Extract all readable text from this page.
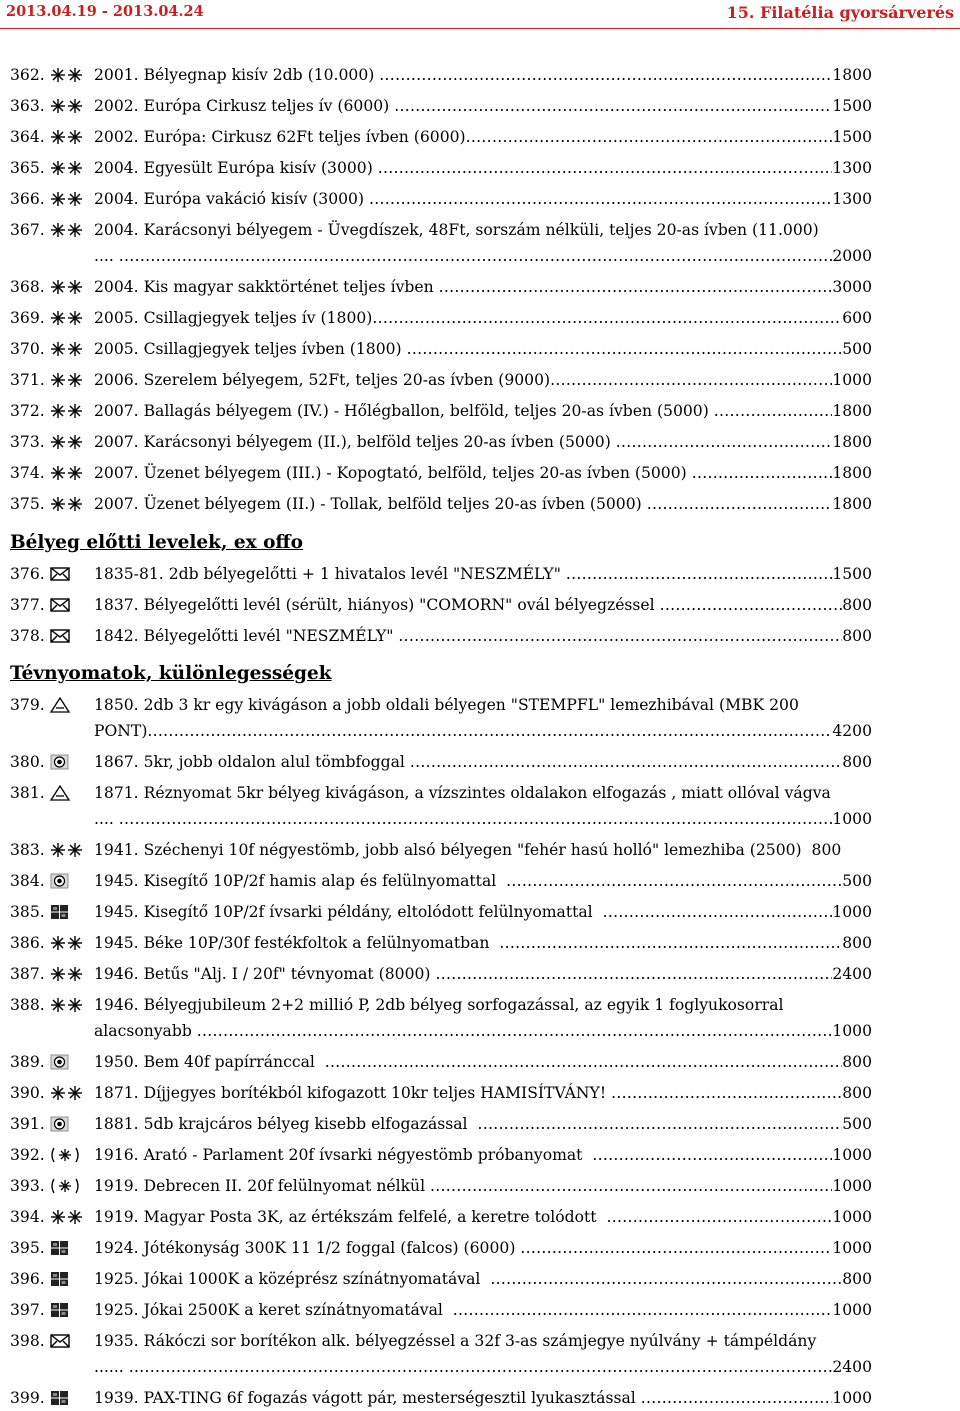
2013.04.19 - 2013.04.24	15. Filatélia gyorsárverés
362.	2001. Bélyegnap kisív 2db (10.000) .....	1800
363.	2002. Európa Cirkusz teljes ív (6000) .....	1500
364.	2002. Európa: Cirkusz 62Ft teljes ívben (6000) .....	1500
365.	2004. Egyesült Európa kisív (3000) .....	1300
366.	2004. Európa vakáció kisív (3000) .....	1300
367.	2004. Karácsonyi bélyegem - Üvegdíszek, 48Ft, sorszám nélküli, teljes 20-as ívben (11.000)
.... .....	2000
368.	2004. Kis magyar sakktörténet teljes ívben .....	3000
369.	2005. Csillagjegyek teljes ív (1800) .....	600
370.	2005. Csillagjegyek teljes ívben (1800) .....	500
371.	2006. Szerelem bélyegem, 52Ft, teljes 20-as ívben (9000) .....	1000
372.	2007. Ballagás bélyegem (IV.) - Hőlégballon, belföld, teljes 20-as ívben (5000) .....	1800
373.	2007. Karácsonyi bélyegem (II.), belföld teljes 20-as ívben (5000) .....	1800
374.	2007. Üzenet bélyegem (III.) - Kopogtató, belföld, teljes 20-as ívben (5000) .....	1800
375.	2007. Üzenet bélyegem (II.) - Tollak, belföld teljes 20-as ívben (5000) .....	1800
Bélyeg előtti levelek, ex offo
376.	1835-81. 2db bélyegelőtti + 1 hivatalos levél "NESZMÉLY" .....	1500
377.	1837. Bélyegelőtti levél (sérült, hiányos) "COMORN" ovál bélyegzéssel .....	800
378.	1842. Bélyegelőtti levél "NESZMÉLY" .....	800
Tévnyomatok, különlegességek
379.	1850. 2db 3 kr egy kivágáson a jobb oldali bélyegen "STEMPFL" lemezhibával (MBK 200
PONT) .....	4200
380.	1867. 5kr, jobb oldalon alul tömbfoggal .....	800
381.	1871. Réznyomat 5kr bélyeg kivágáson, a vízszintes oldalakon elfogazás , miatt ollóval vágva
.... .....	1000
383.	1941. Széchenyi 10f négyestömb, jobb alsó bélyegen "fehér hasú holló" lemezhiba (2500)  800
384.	1945. Kisegítő 10P/2f hamis alap és felülnyomattal .....	500
385.	1945. Kisegítő 10P/2f ívsarki példány, eltolódott felülnyomattal .....	1000
386.	1945. Béke 10P/30f festékfoltok a felülnyomatban .....	800
387.	1946. Betűs "Alj. I / 20f" tévnyomat (8000) .....	2400
388.	1946. Bélyegjubileum 2+2 millió P, 2db bélyeg sorfogazással, az egyik 1 foglyukosorral
alacsonyabb .....	1000
389.	1950. Bem 40f papírránccal .....	800
390.	1871. Díjjegyes borítékból kifogazott 10kr teljes HAMISÍTVÁNY! .....	800
391.	1881. 5db krajcáros bélyeg kisebb elfogazással .....	500
392.	1916. Arató - Parlament 20f ívsarki négyestömb próbanyomat .....	1000
393.	1919. Debrecen II. 20f felülnyomat nélkül .....	1000
394.	1919. Magyar Posta 3K, az értékszám felfelé, a keretre tolódott .....	1000
395.	1924. Jótékonyság 300K 11 1/2 foggal (falcos) (6000) .....	1000
396.	1925. Jókai 1000K a középrész színátnyomatával .....	800
397.	1925. Jókai 2500K a keret színátnyomatával .....	1000
398.	1935. Rákóczi sor borítékon alk. bélyegzéssel a 32f 3-as számjegye nyúlvány + támpéldány
...... .....	2400
399.	1939. PAX-TING 6f fogazás vágott pár, mesterségesztil lyukasztással .....	1000
